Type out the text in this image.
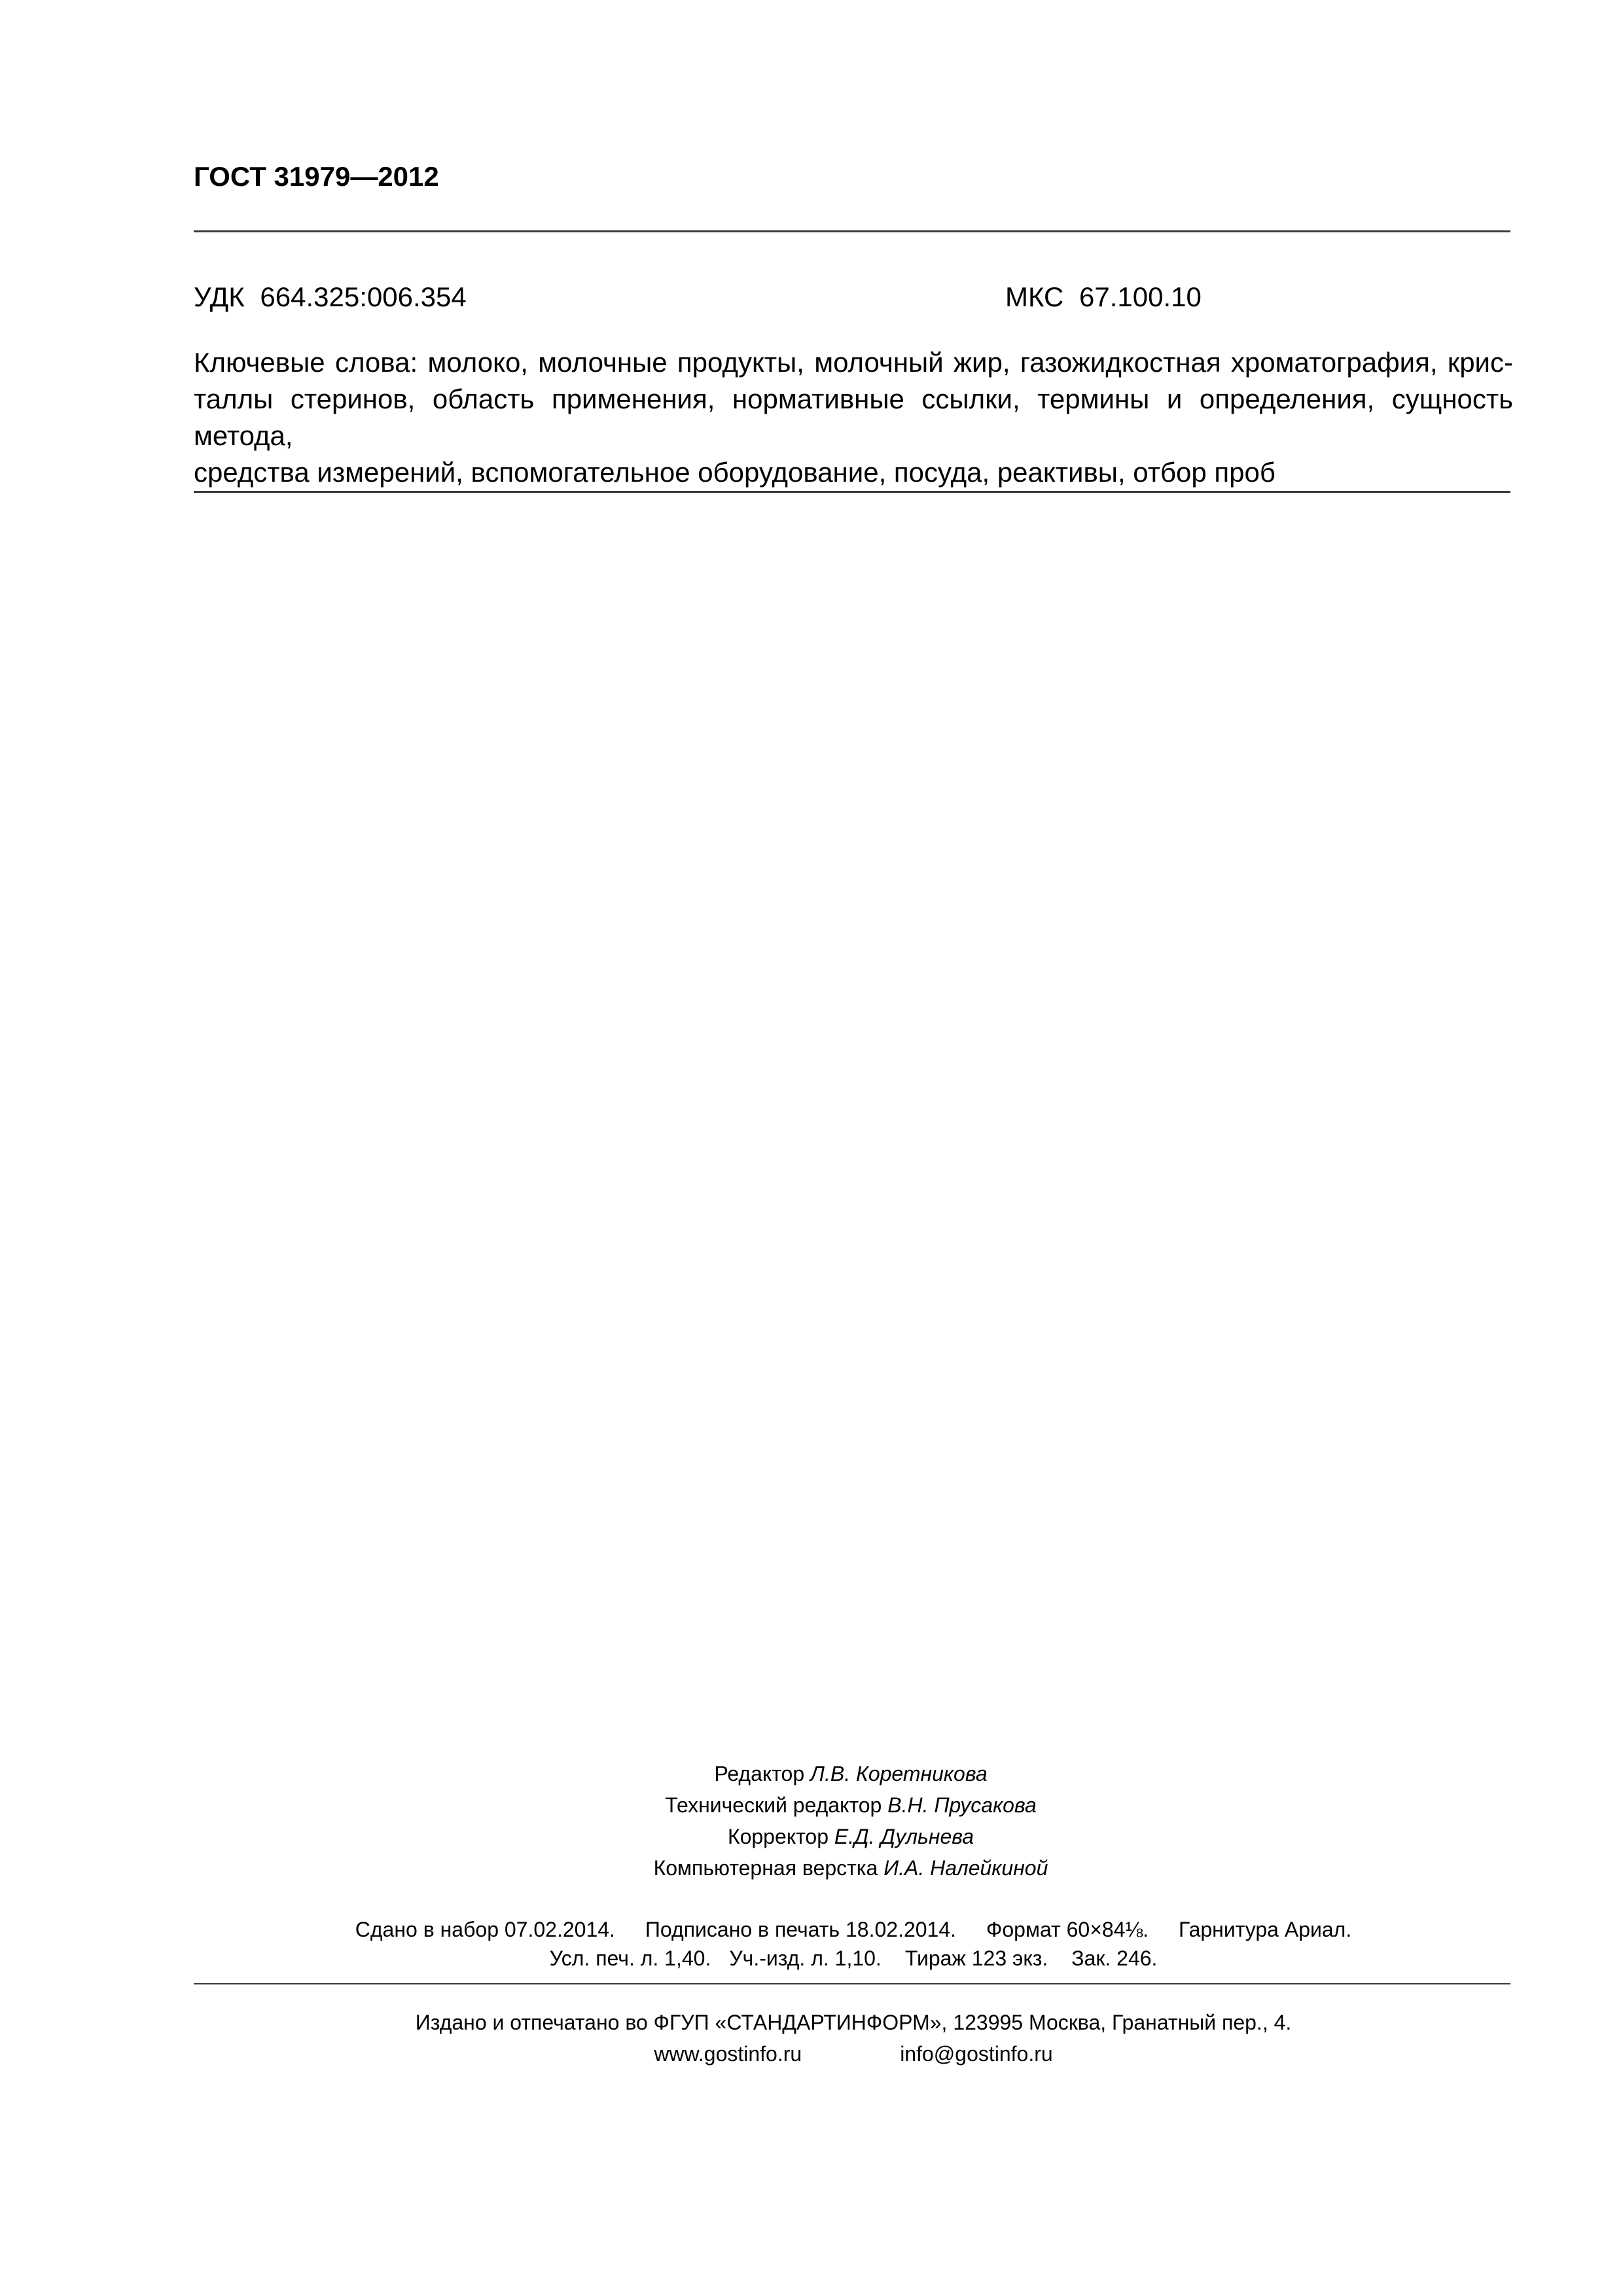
ГОСТ 31979—2012
УДК 664.325:006.354	МКС 67.100.10
Ключевые слова: молоко, молочные продукты, молочный жир, газожидкостная хроматография, крис-
таллы стеринов, область применения, нормативные ссылки, термины и определения, сущность метода,
средства измерений, вспомогательное оборудование, посуда, реактивы, отбор проб
Редактор Л.В. Коретникова
Технический редактор В.Н. Прусакова
Корректор Е.Д. Дульнева
Компьютерная верстка И.А. Налейкиной
Сдано в набор 07.02.2014. Подписано в печать 18.02.2014. Формат 60×84⅛. Гарнитура Ариал.
Усл. печ. л. 1,40. Уч.-изд. л. 1,10. Тираж 123 экз. Зак. 246.
Издано и отпечатано во ФГУП «СТАНДАРТИНФОРМ», 123995 Москва, Гранатный пер., 4.
www.gostinfo.ru	info@gostinfo.ru
